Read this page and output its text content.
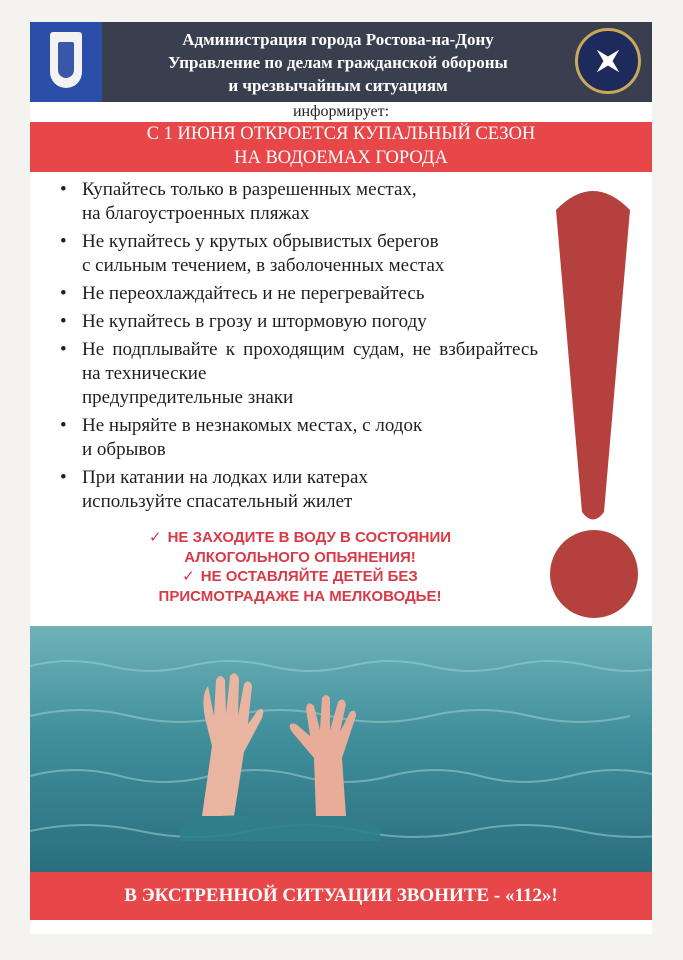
Администрация города Ростова-на-Дону
Управление по делам гражданской обороны
и чрезвычайным ситуациям
информирует:
С 1 ИЮНЯ ОТКРОЕТСЯ КУПАЛЬНЫЙ СЕЗОН
НА ВОДОЕМАХ ГОРОДА
• Купайтесь только в разрешенных местах,
на благоустроенных пляжах
• Не купайтесь у крутых обрывистых берегов
с сильным течением, в заболоченных местах
• Не переохлаждайтесь и не перегревайтесь
• Не купайтесь в грозу и штормовую погоду
• Не подплывайте к проходящим судам, не взбирайтесь на технические
предупредительные знаки
• Не ныряйте в незнакомых местах, с лодок
и обрывов
• При катании на лодках или катерах
используйте спасательный жилет
✓ НЕ ЗАХОДИТЕ В ВОДУ В СОСТОЯНИИ
АЛКОГОЛЬНОГО ОПЬЯНЕНИЯ!
✓ НЕ ОСТАВЛЯЙТЕ ДЕТЕЙ БЕЗ
ПРИСМОТРАДАЖЕ НА МЕЛКОВОДЬЕ!
В ЭКСТРЕННОЙ СИТУАЦИИ ЗВОНИТЕ - «112»!
